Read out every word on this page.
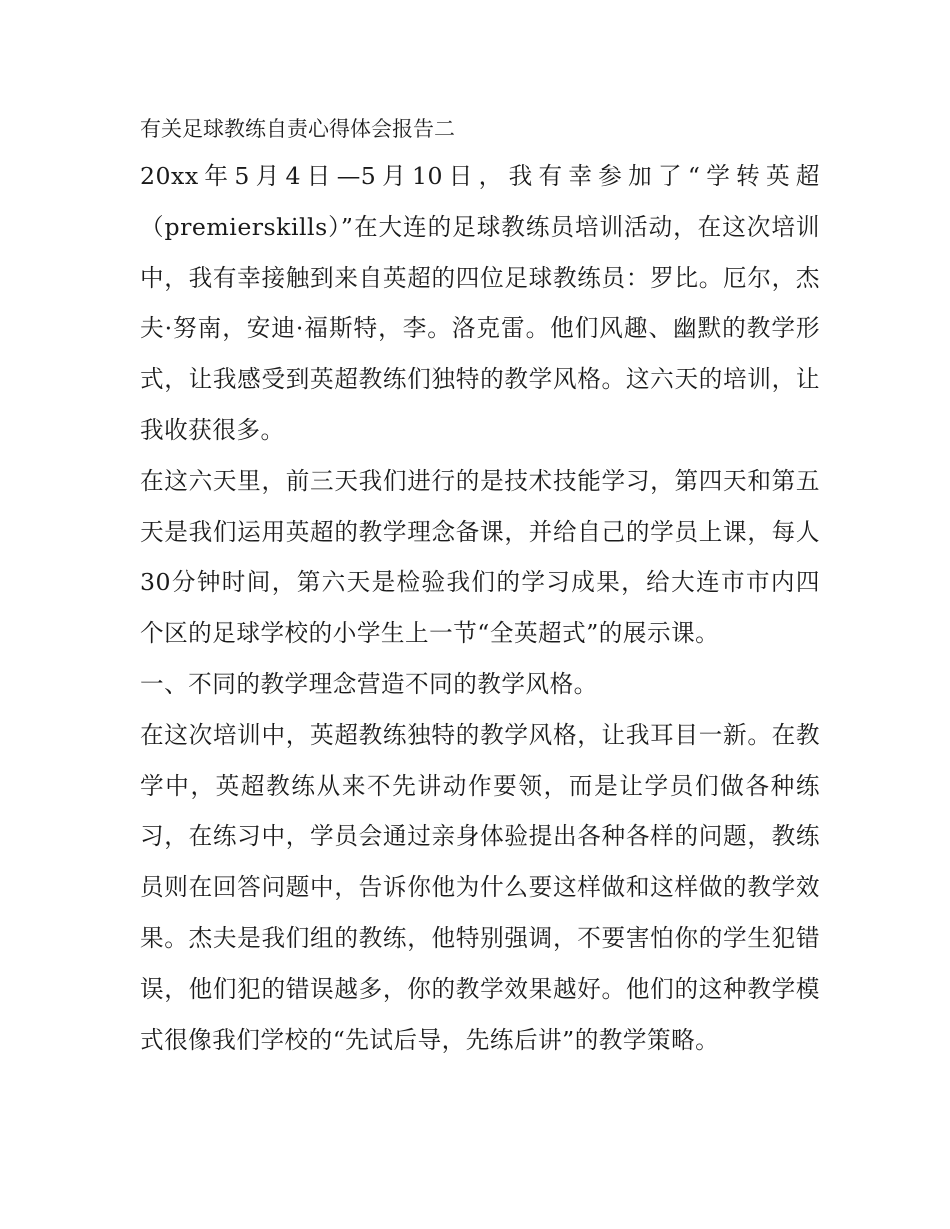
有关足球教练自责心得体会报告二

20xx年5月4日—5月10日，我有幸参加了“学转英超（premierskills）”在大连的足球教练员培训活动，在这次培训中，我有幸接触到来自英超的四位足球教练员：罗比。厄尔，杰夫·努南，安迪·福斯特，李。洛克雷。他们风趣、幽默的教学形式，让我感受到英超教练们独特的教学风格。这六天的培训，让我收获很多。

在这六天里，前三天我们进行的是技术技能学习，第四天和第五天是我们运用英超的教学理念备课，并给自己的学员上课，每人30分钟时间，第六天是检验我们的学习成果，给大连市市内四个区的足球学校的小学生上一节“全英超式”的展示课。

一、不同的教学理念营造不同的教学风格。

在这次培训中，英超教练独特的教学风格，让我耳目一新。在教学中，英超教练从来不先讲动作要领，而是让学员们做各种练习，在练习中，学员会通过亲身体验提出各种各样的问题，教练员则在回答问题中，告诉你他为什么要这样做和这样做的教学效果。杰夫是我们组的教练，他特别强调，不要害怕你的学生犯错误，他们犯的错误越多，你的教学效果越好。他们的这种教学模式很像我们学校的“先试后导，先练后讲”的教学策略。
